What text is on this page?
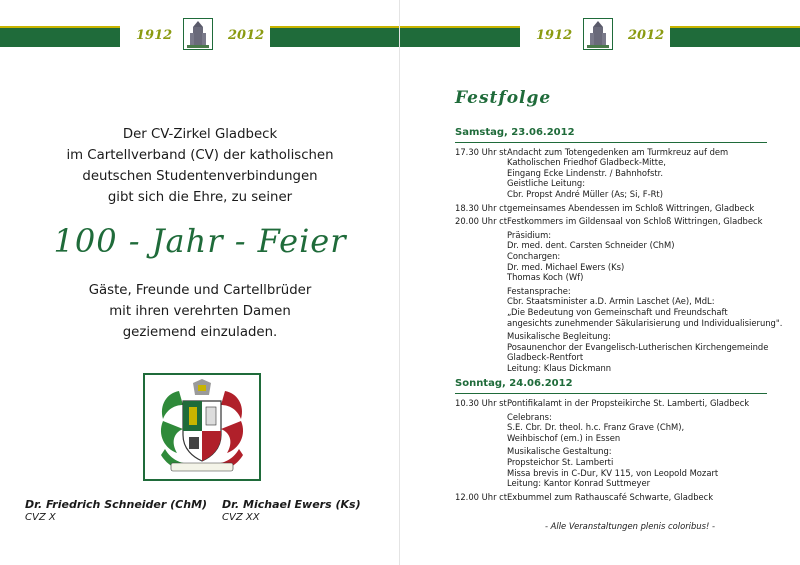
1912	2012
Der CV-Zirkel Gladbeck
im Cartellverband (CV) der katholischen
deutschen Studentenverbindungen
gibt sich die Ehre, zu seiner
100 - Jahr - Feier
Gäste, Freunde und Cartellbrüder
mit ihren verehrten Damen
geziemend einzuladen.
Dr. Friedrich Schneider (ChM)
CVZ X
Dr. Michael Ewers (Ks)
CVZ XX
1912	2012
Festfolge
Samstag, 23.06.2012
17.30 Uhr st Andacht zum Totengedenken am Turmkreuz auf dem
Katholischen Friedhof Gladbeck-Mitte,
Eingang Ecke Lindenstr. / Bahnhofstr.
Geistliche Leitung:
Cbr. Propst André Müller (As; Si, F-Rt)
18.30 Uhr ct gemeinsames Abendessen im Schloß Wittringen, Gladbeck
20.00 Uhr ct Festkommers im Gildensaal von Schloß Wittringen, Gladbeck
Präsidium:
Dr. med. dent. Carsten Schneider (ChM)
Conchargen:
Dr. med. Michael Ewers (Ks)
Thomas Koch (Wf)
Festansprache:
Cbr. Staatsminister a.D. Armin Laschet (Ae), MdL:
„Die Bedeutung von Gemeinschaft und Freundschaft
angesichts zunehmender Säkularisierung und Individualisierung".
Musikalische Begleitung:
Posaunenchor der Evangelisch-Lutherischen Kirchengemeinde
Gladbeck-Rentfort
Leitung: Klaus Dickmann
Sonntag, 24.06.2012
10.30 Uhr st Pontifikalamt in der Propsteikirche St. Lamberti, Gladbeck
Celebrans:
S.E. Cbr. Dr. theol. h.c. Franz Grave (ChM),
Weihbischof (em.) in Essen
Musikalische Gestaltung:
Propsteichor St. Lamberti
Missa brevis in C-Dur, KV 115, von Leopold Mozart
Leitung: Kantor Konrad Suttmeyer
12.00 Uhr ct Exbummel zum Rathauscafé Schwarte, Gladbeck
- Alle Veranstaltungen plenis coloribus! -
